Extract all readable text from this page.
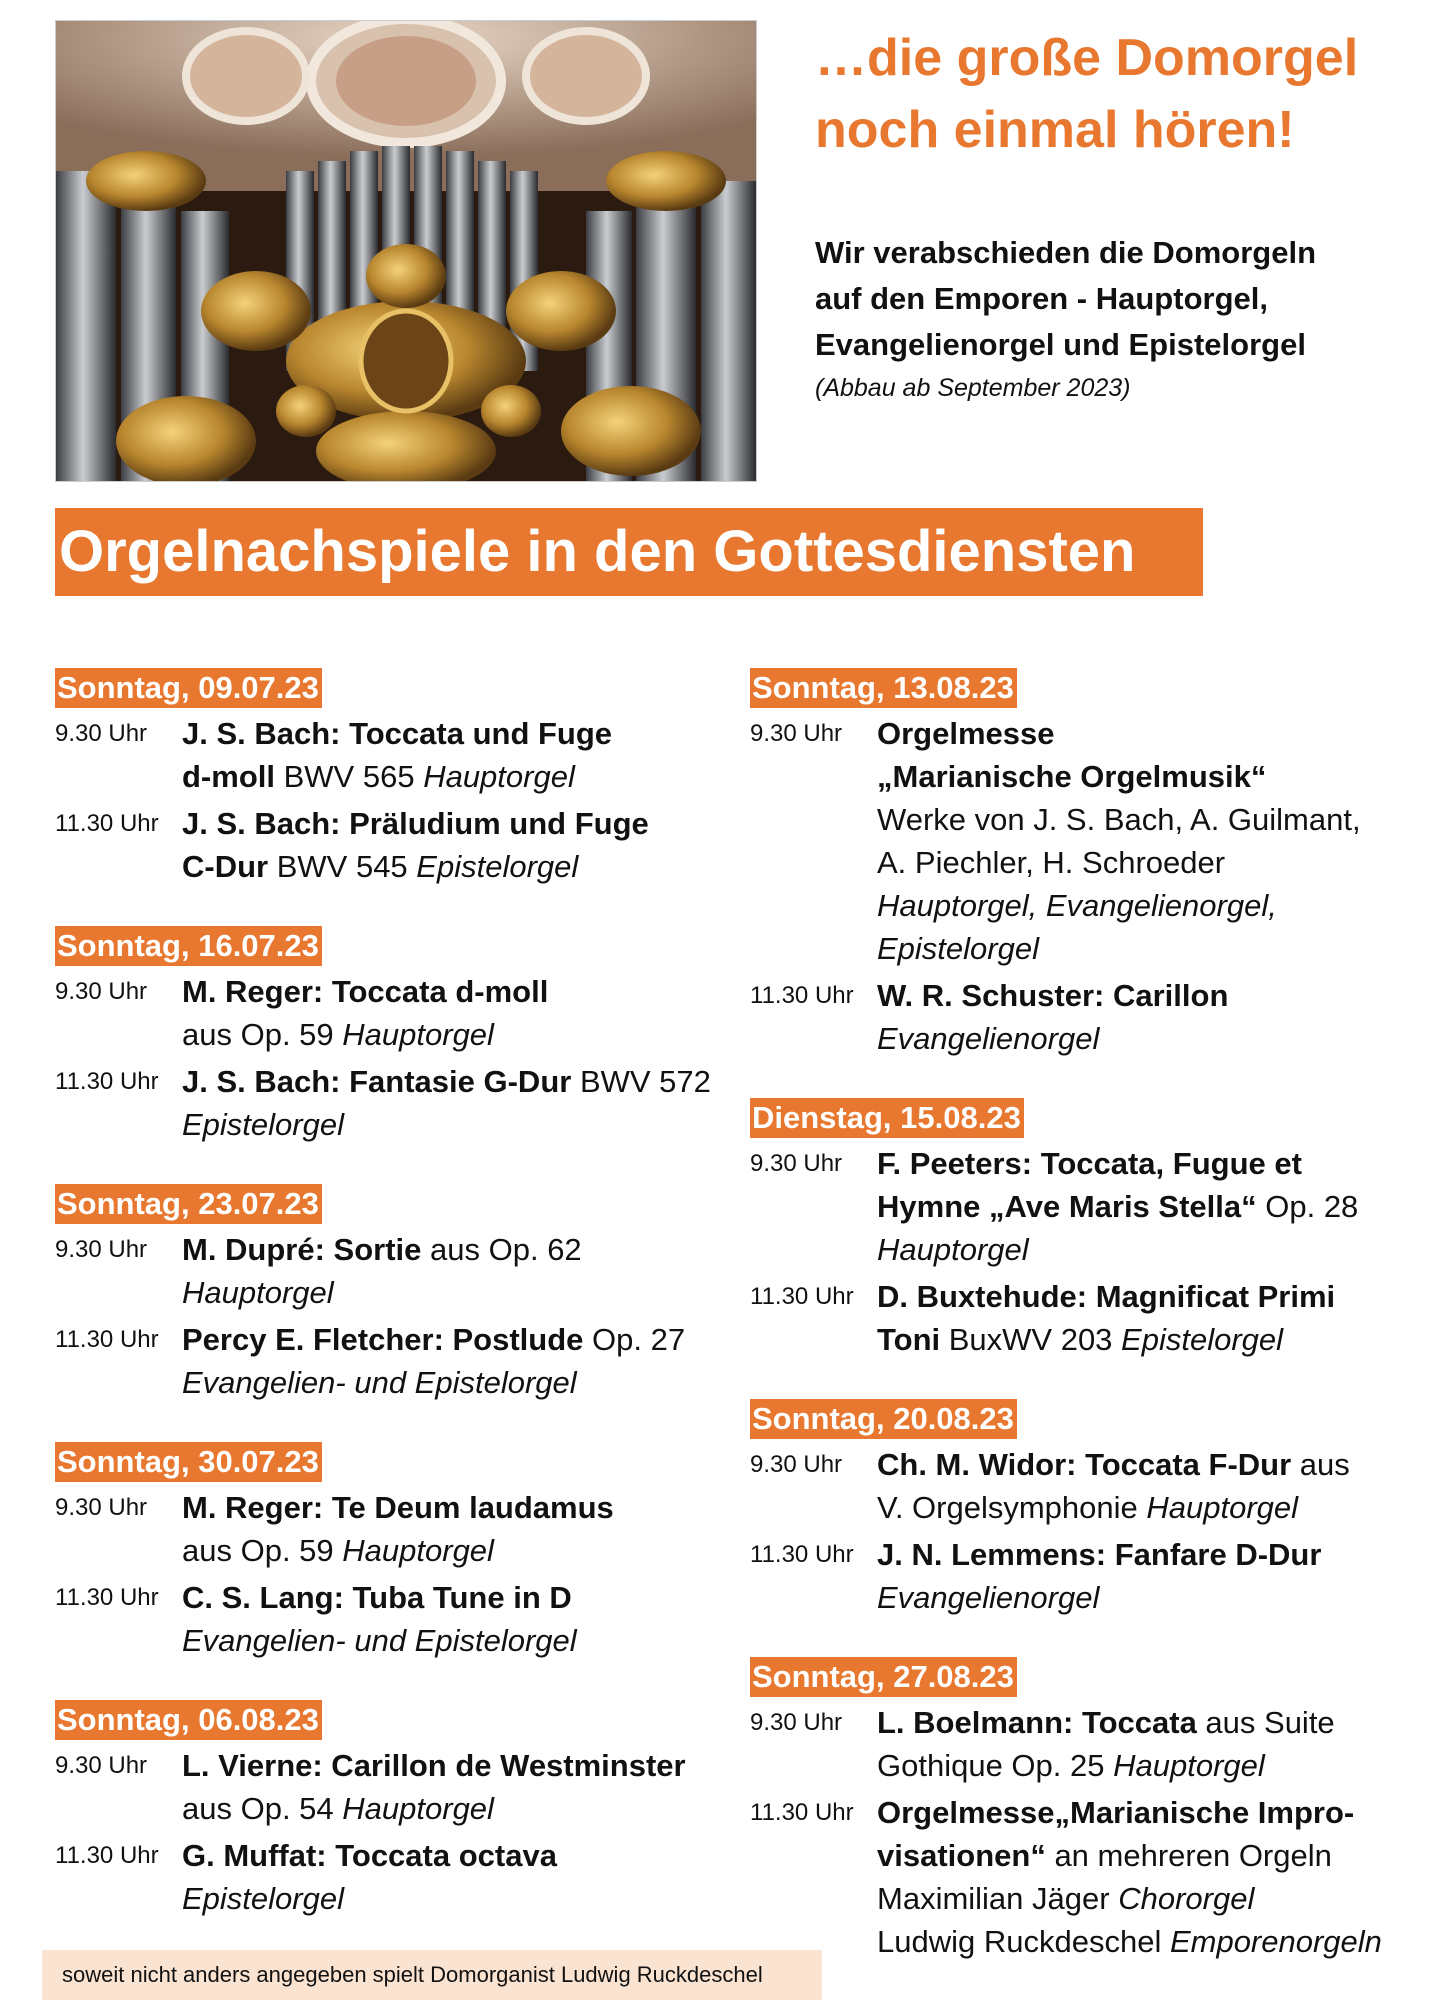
…die große Domorgel
noch einmal hören!
Wir verabschieden die Domorgeln
auf den Emporen - Hauptorgel,
Evangelienorgel und Epistelorgel
(Abbau ab September 2023)
Orgelnachspiele in den Gottesdiensten
Sonntag, 09.07.23
9.30 Uhr	J. S. Bach: Toccata und Fuge
d-moll BWV 565 Hauptorgel
11.30 Uhr J. S. Bach: Präludium und Fuge
C-Dur BWV 545 Epistelorgel
Sonntag, 16.07.23
9.30 Uhr	M. Reger: Toccata d-moll
aus Op. 59 Hauptorgel
11.30 Uhr J. S. Bach: Fantasie G-Dur BWV 572
Epistelorgel
Sonntag, 23.07.23
9.30 Uhr	M. Dupré: Sortie aus Op. 62
Hauptorgel
11.30 Uhr Percy E. Fletcher: Postlude Op. 27
Evangelien- und Epistelorgel
Sonntag, 30.07.23
9.30 Uhr	M. Reger: Te Deum laudamus
aus Op. 59 Hauptorgel
11.30 Uhr C. S. Lang: Tuba Tune in D
Evangelien- und Epistelorgel
Sonntag, 06.08.23
9.30 Uhr	L. Vierne: Carillon de Westminster
aus Op. 54 Hauptorgel
11.30 Uhr G. Muffat: Toccata octava
Epistelorgel
Sonntag, 13.08.23
9.30 Uhr	Orgelmesse
„Marianische Orgelmusik“
Werke von J. S. Bach, A. Guilmant,
A. Piechler, H. Schroeder
Hauptorgel, Evangelienorgel,
Epistelorgel
11.30 Uhr W. R. Schuster: Carillon
Evangelienorgel
Dienstag, 15.08.23
9.30 Uhr	F. Peeters: Toccata, Fugue et
Hymne „Ave Maris Stella“ Op. 28
Hauptorgel
11.30 Uhr D. Buxtehude: Magnificat Primi
Toni BuxWV 203 Epistelorgel
Sonntag, 20.08.23
9.30 Uhr	Ch. M. Widor: Toccata F-Dur aus
V. Orgelsymphonie Hauptorgel
11.30 Uhr J. N. Lemmens: Fanfare D-Dur
Evangelienorgel
Sonntag, 27.08.23
9.30 Uhr	L. Boelmann: Toccata aus Suite
Gothique Op. 25 Hauptorgel
11.30 Uhr Orgelmesse„Marianische Impro-
visationen“ an mehreren Orgeln
Maximilian Jäger Chororgel
Ludwig Ruckdeschel Emporenorgeln
soweit nicht anders angegeben spielt Domorganist Ludwig Ruckdeschel
